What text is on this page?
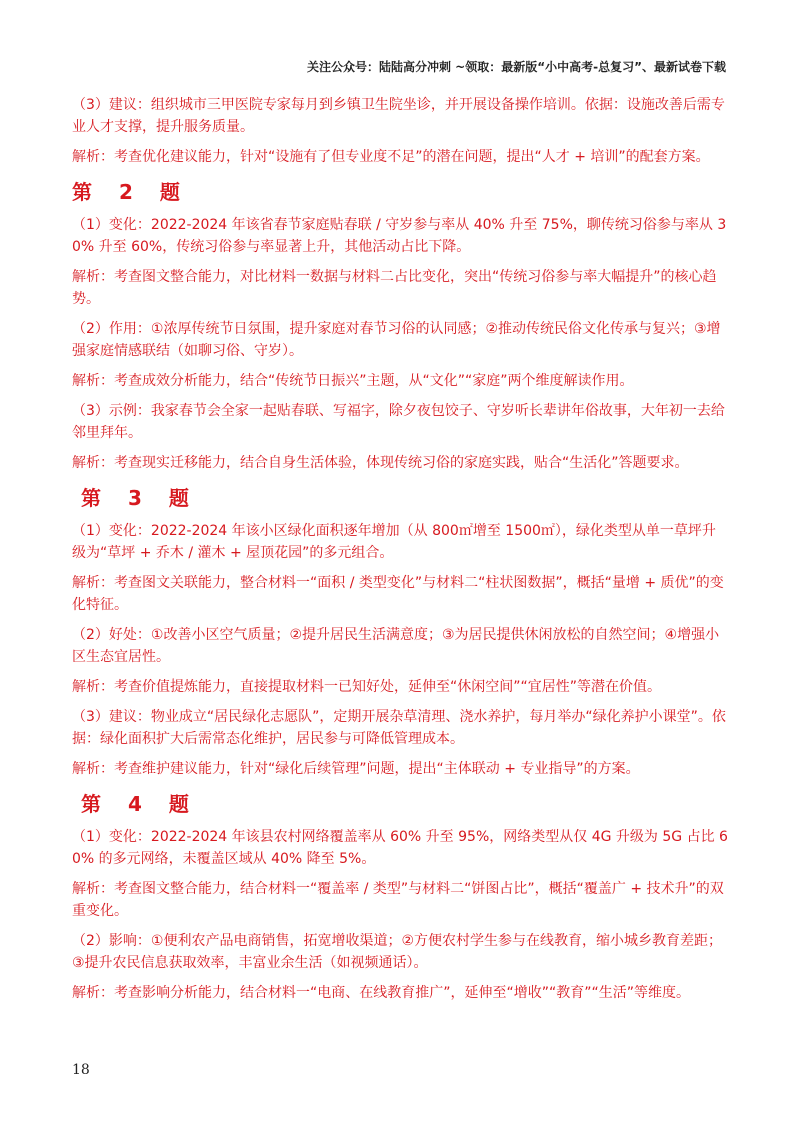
关注公众号：陆陆高分冲刺 ~领取：最新版“小中高考-总复习”、最新试卷下载
（3）建议：组织城市三甲医院专家每月到乡镇卫生院坐诊，并开展设备操作培训。依据：设施改善后需专业人才支撑，提升服务质量。
解析：考查优化建议能力，针对“设施有了但专业度不足”的潜在问题，提出“人才 + 培训”的配套方案。
第 2 题
（1）变化：2022-2024 年该省春节家庭贴春联 / 守岁参与率从 40% 升至 75%，聊传统习俗参与率从 30% 升至 60%，传统习俗参与率显著上升，其他活动占比下降。
解析：考查图文整合能力，对比材料一数据与材料二占比变化，突出“传统习俗参与率大幅提升”的核心趋势。
（2）作用：①浓厚传统节日氛围，提升家庭对春节习俗的认同感；②推动传统民俗文化传承与复兴；③增强家庭情感联结（如聊习俗、守岁）。
解析：考查成效分析能力，结合“传统节日振兴”主题，从“文化”“家庭”两个维度解读作用。
（3）示例：我家春节会全家一起贴春联、写福字，除夕夜包饺子、守岁听长辈讲年俗故事，大年初一去给邻里拜年。
解析：考查现实迁移能力，结合自身生活体验，体现传统习俗的家庭实践，贴合“生活化”答题要求。
第 3 题
（1）变化：2022-2024 年该小区绿化面积逐年增加（从 800㎡增至 1500㎡），绿化类型从单一草坪升级为“草坪 + 乔木 / 灌木 + 屋顶花园”的多元组合。
解析：考查图文关联能力，整合材料一“面积 / 类型变化”与材料二“柱状图数据”，概括“量增 + 质优”的变化特征。
（2）好处：①改善小区空气质量；②提升居民生活满意度；③为居民提供休闲放松的自然空间；④增强小区生态宜居性。
解析：考查价值提炼能力，直接提取材料一已知好处，延伸至“休闲空间”“宜居性”等潜在价值。
（3）建议：物业成立“居民绿化志愿队”，定期开展杂草清理、浇水养护，每月举办“绿化养护小课堂”。依据：绿化面积扩大后需常态化维护，居民参与可降低管理成本。
解析：考查维护建议能力，针对“绿化后续管理”问题，提出“主体联动 + 专业指导”的方案。
第 4 题
（1）变化：2022-2024 年该县农村网络覆盖率从 60% 升至 95%，网络类型从仅 4G 升级为 5G 占比 60% 的多元网络，未覆盖区域从 40% 降至 5%。
解析：考查图文整合能力，结合材料一“覆盖率 / 类型”与材料二“饼图占比”，概括“覆盖广 + 技术升”的双重变化。
（2）影响：①便利农产品电商销售，拓宽增收渠道；②方便农村学生参与在线教育，缩小城乡教育差距；③提升农民信息获取效率，丰富业余生活（如视频通话）。
解析：考查影响分析能力，结合材料一“电商、在线教育推广”，延伸至“增收”“教育”“生活”等维度。
18
